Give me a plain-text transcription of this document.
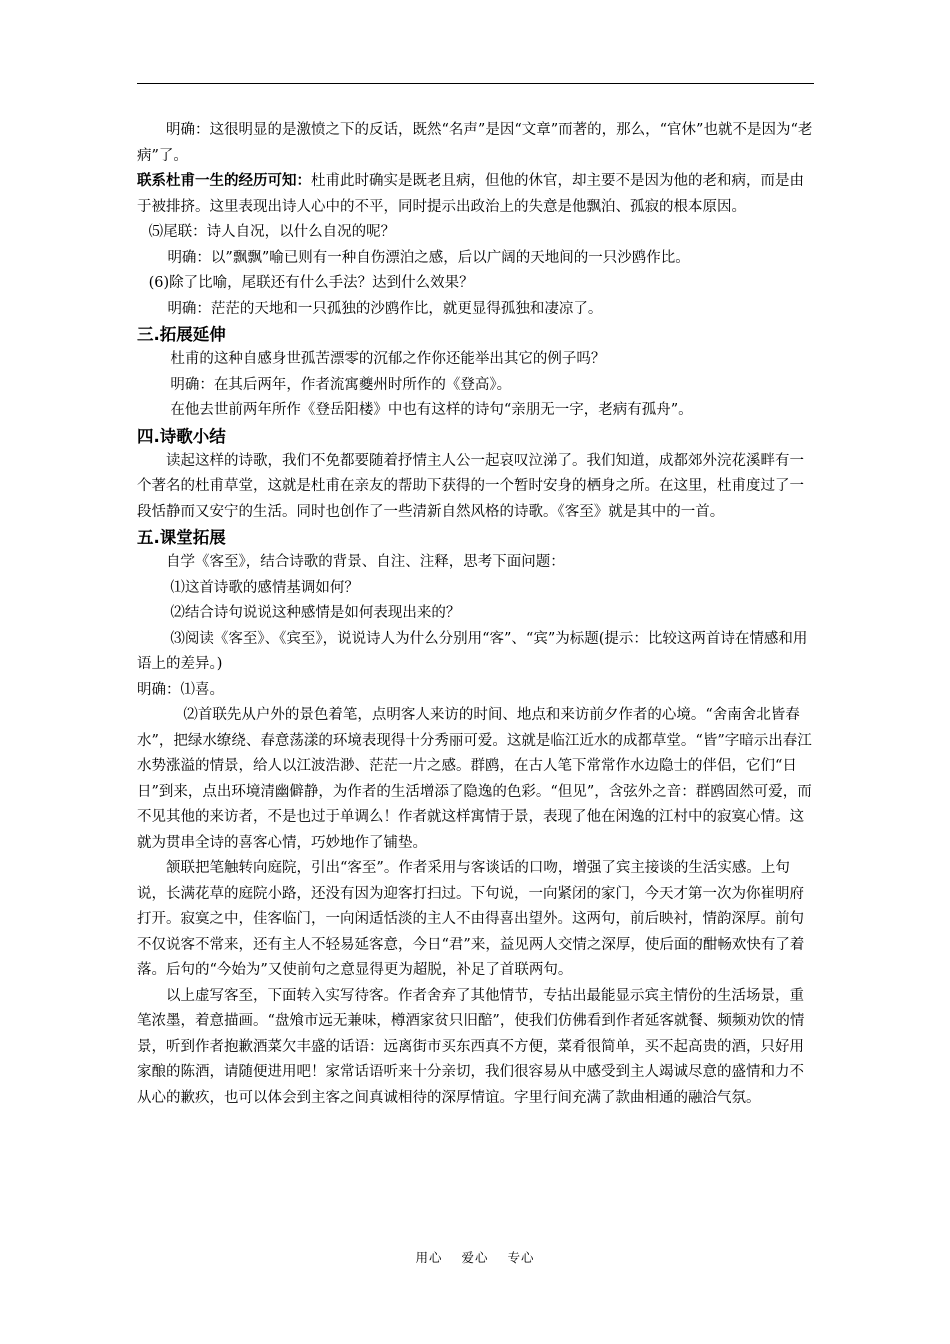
明确：这很明显的是激愤之下的反话，既然“名声”是因“文章”而著的，那么，“官休”也就不是因为“老病”了。

联系杜甫一生的经历可知：杜甫此时确实是既老且病，但他的休官，却主要不是因为他的老和病，而是由于被排挤。这里表现出诗人心中的不平，同时提示出政治上的失意是他飘泊、孤寂的根本原因。

⑸尾联：诗人自况，以什么自况的呢？

明确：以”飘飘”喻已则有一种自伤漂泊之感，后以广阔的天地间的一只沙鸥作比。

(6)除了比喻，尾联还有什么手法？达到什么效果？

明确：茫茫的天地和一只孤独的沙鸥作比，就更显得孤独和凄凉了。

三.拓展延伸

杜甫的这种自感身世孤苦漂零的沉郁之作你还能举出其它的例子吗？

明确：在其后两年，作者流寓夔州时所作的《登高》。

在他去世前两年所作《登岳阳楼》中也有这样的诗句“亲朋无一字，老病有孤舟”。

四.诗歌小结

读起这样的诗歌，我们不免都要随着抒情主人公一起哀叹泣涕了。我们知道，成都郊外浣花溪畔有一个著名的杜甫草堂，这就是杜甫在亲友的帮助下获得的一个暂时安身的栖身之所。在这里，杜甫度过了一段恬静而又安宁的生活。同时也创作了一些清新自然风格的诗歌。《客至》就是其中的一首。

五.课堂拓展

自学《客至》，结合诗歌的背景、自注、注释，思考下面问题：

⑴这首诗歌的感情基调如何？

⑵结合诗句说说这种感情是如何表现出来的？

⑶阅读《客至》、《宾至》，说说诗人为什么分别用“客”、“宾”为标题(提示：比较这两首诗在情感和用语上的差异。)

明确：⑴喜。

⑵首联先从户外的景色着笔，点明客人来访的时间、地点和来访前夕作者的心境。“舍南舍北皆春水”，把绿水缭绕、春意荡漾的环境表现得十分秀丽可爱。这就是临江近水的成都草堂。“皆”字暗示出春江水势涨溢的情景，给人以江波浩渺、茫茫一片之感。群鸥，在古人笔下常常作水边隐士的伴侣，它们“日日”到来，点出环境清幽僻静，为作者的生活增添了隐逸的色彩。“但见”，含弦外之音：群鸥固然可爱，而不见其他的来访者，不是也过于单调么！作者就这样寓情于景，表现了他在闲逸的江村中的寂寞心情。这就为贯串全诗的喜客心情，巧妙地作了铺垫。

颔联把笔触转向庭院，引出“客至”。作者采用与客谈话的口吻，增强了宾主接谈的生活实感。上句说，长满花草的庭院小路，还没有因为迎客打扫过。下句说，一向紧闭的家门，今天才第一次为你崔明府打开。寂寞之中，佳客临门，一向闲适恬淡的主人不由得喜出望外。这两句，前后映衬，情韵深厚。前句不仅说客不常来，还有主人不轻易延客意，今日“君”来，益见两人交情之深厚，使后面的酣畅欢快有了着落。后句的“今始为”又使前句之意显得更为超脱，补足了首联两句。

以上虚写客至，下面转入实写待客。作者舍弃了其他情节，专拈出最能显示宾主情份的生活场景，重笔浓墨，着意描画。“盘飧市远无兼味，樽酒家贫只旧醅”，使我们仿佛看到作者延客就餐、频频劝饮的情景，听到作者抱歉酒菜欠丰盛的话语：远离街市买东西真不方便，菜肴很简单，买不起高贵的酒，只好用家酿的陈酒，请随便进用吧！家常话语听来十分亲切，我们很容易从中感受到主人竭诚尽意的盛情和力不从心的歉疚，也可以体会到主客之间真诚相待的深厚情谊。字里行间充满了款曲相通的融洽气氛。

用心 爱心 专心
